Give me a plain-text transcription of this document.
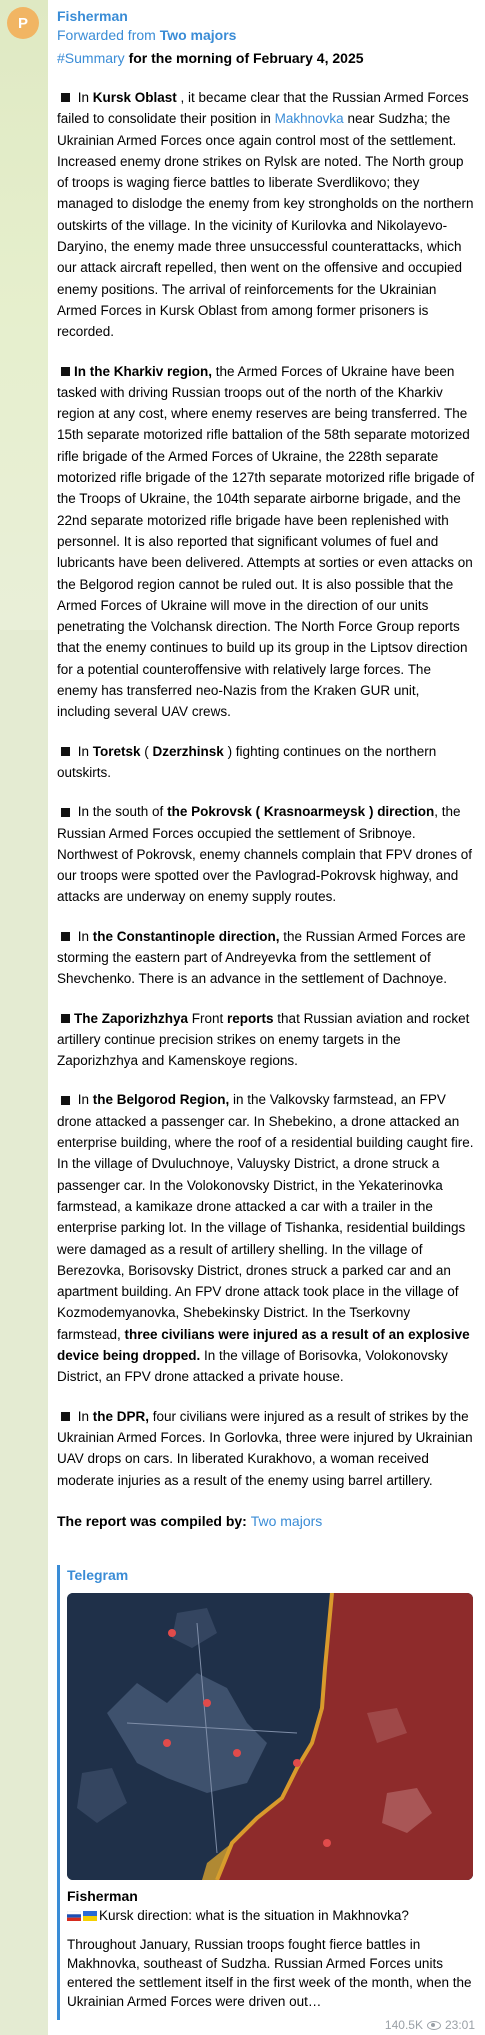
P Fisherman
Forwarded from Two majors
#Summary for the morning of February 4, 2025
In Kursk Oblast , it became clear that the Russian Armed Forces failed to consolidate their position in Makhnovka near Sudzha; the Ukrainian Armed Forces once again control most of the settlement. Increased enemy drone strikes on Rylsk are noted. The North group of troops is waging fierce battles to liberate Sverdlikovo; they managed to dislodge the enemy from key strongholds on the northern outskirts of the village. In the vicinity of Kurilovka and Nikolayevo-Daryino, the enemy made three unsuccessful counterattacks, which our attack aircraft repelled, then went on the offensive and occupied enemy positions. The arrival of reinforcements for the Ukrainian Armed Forces in Kursk Oblast from among former prisoners is recorded.
In the Kharkiv region, the Armed Forces of Ukraine have been tasked with driving Russian troops out of the north of the Kharkiv region at any cost, where enemy reserves are being transferred. The 15th separate motorized rifle battalion of the 58th separate motorized rifle brigade of the Armed Forces of Ukraine, the 228th separate motorized rifle brigade of the 127th separate motorized rifle brigade of the Troops of Ukraine, the 104th separate airborne brigade, and the 22nd separate motorized rifle brigade have been replenished with personnel. It is also reported that significant volumes of fuel and lubricants have been delivered. Attempts at sorties or even attacks on the Belgorod region cannot be ruled out. It is also possible that the Armed Forces of Ukraine will move in the direction of our units penetrating the Volchansk direction. The North Force Group reports that the enemy continues to build up its group in the Liptsov direction for a potential counteroffensive with relatively large forces. The enemy has transferred neo-Nazis from the Kraken GUR unit, including several UAV crews.
In Toretsk ( Dzerzhinsk ) fighting continues on the northern outskirts.
In the south of the Pokrovsk ( Krasnoarmeysk ) direction, the Russian Armed Forces occupied the settlement of Sribnoye. Northwest of Pokrovsk, enemy channels complain that FPV drones of our troops were spotted over the Pavlograd-Pokrovsk highway, and attacks are underway on enemy supply routes.
In the Constantinople direction, the Russian Armed Forces are storming the eastern part of Andreyevka from the settlement of Shevchenko. There is an advance in the settlement of Dachnoye.
The Zaporizhzhya Front reports that Russian aviation and rocket artillery continue precision strikes on enemy targets in the Zaporizhzhya and Kamenskoye regions.
In the Belgorod Region, in the Valkovsky farmstead, an FPV drone attacked a passenger car. In Shebekino, a drone attacked an enterprise building, where the roof of a residential building caught fire. In the village of Dvuluchnoye, Valuysky District, a drone struck a passenger car. In the Volokonovsky District, in the Yekaterinovka farmstead, a kamikaze drone attacked a car with a trailer in the enterprise parking lot. In the village of Tishanka, residential buildings were damaged as a result of artillery shelling. In the village of Berezovka, Borisovsky District, drones struck a parked car and an apartment building. An FPV drone attack took place in the village of Kozmodemyanovka, Shebekinsky District. In the Tserkovny farmstead, three civilians were injured as a result of an explosive device being dropped. In the village of Borisovka, Volokonovsky District, an FPV drone attacked a private house.
In the DPR, four civilians were injured as a result of strikes by the Ukrainian Armed Forces. In Gorlovka, three were injured by Ukrainian UAV drops on cars. In liberated Kurakhovo, a woman received moderate injuries as a result of the enemy using barrel artillery.
The report was compiled by: Two majors
Telegram
Fisherman
Kursk direction: what is the situation in Makhnovka?
Throughout January, Russian troops fought fierce battles in Makhnovka, southeast of Sudzha. Russian Armed Forces units entered the settlement itself in the first week of the month, when the Ukrainian Armed Forces were driven out…
140.5K 23:01
